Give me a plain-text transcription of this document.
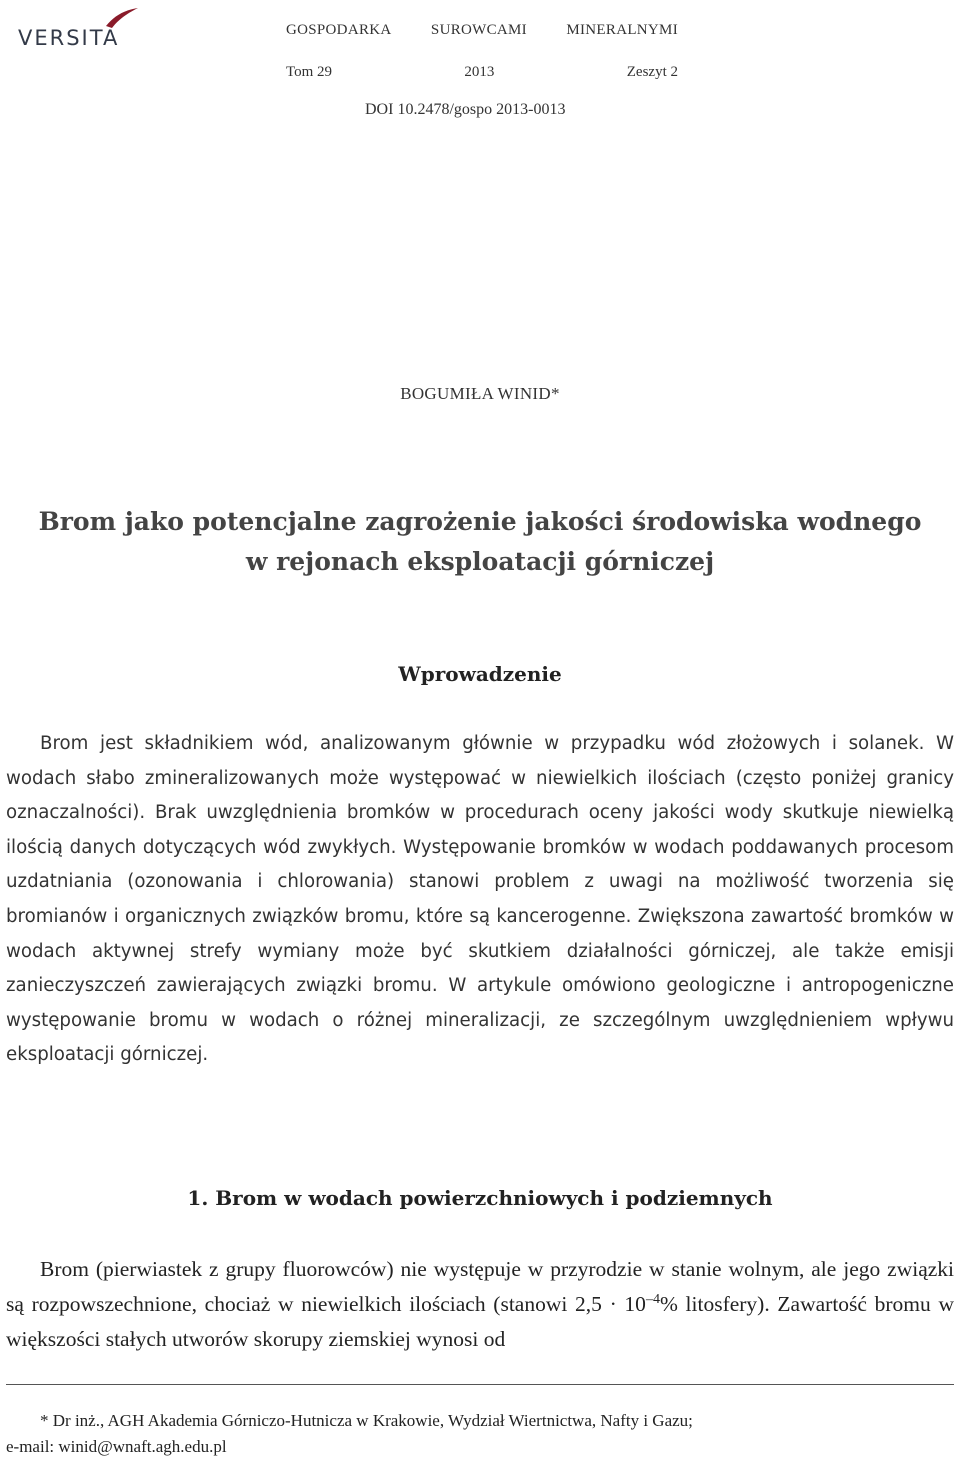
VERSITA	GOSPODARKA	SUROWCAMI	MINERALNYMI
Tom 29	2013	Zeszyt 2
DOI 10.2478/gospo 2013-0013
BOGUMIŁA WINID*
Brom jako potencjalne zagrożenie jakości środowiska wodnego
w rejonach eksploatacji górniczej
Wprowadzenie

Brom jest składnikiem wód, analizowanym głównie w przypadku wód złożowych i solanek. W wodach słabo zmineralizowanych może występować w niewielkich ilościach (często poniżej granicy oznaczalności). Brak uwzględnienia bromków w procedurach oceny jakości wody skutkuje niewielką ilością danych dotyczących wód zwykłych. Występowanie bromków w wodach poddawanych procesom uzdatniania (ozonowania i chlorowania) stanowi problem z uwagi na możliwość tworzenia się bromianów i organicznych związków bromu, które są kancerogenne. Zwiększona zawartość bromków w wodach aktywnej strefy wymiany może być skutkiem działalności górniczej, ale także emisji zanieczyszczeń zawierających związki bromu. W artykule omówiono geologiczne i antropogeniczne występowanie bromu w wodach o różnej mineralizacji, ze szczególnym uwzględnieniem wpływu eksploatacji górniczej.

1. Brom w wodach powierzchniowych i podziemnych

Brom (pierwiastek z grupy fluorowców) nie występuje w przyrodzie w stanie wolnym, ale jego związki są rozpowszechnione, chociaż w niewielkich ilościach (stanowi $2,5 \cdot 10^{-4}\%$ litosfery). Zawartość bromu w większości stałych utworów skorupy ziemskiej wynosi od

* Dr inż., AGH Akademia Górniczo-Hutnicza w Krakowie, Wydział Wiertnictwa, Nafty i Gazu;
e-mail: winid@wnaft.agh.edu.pl
